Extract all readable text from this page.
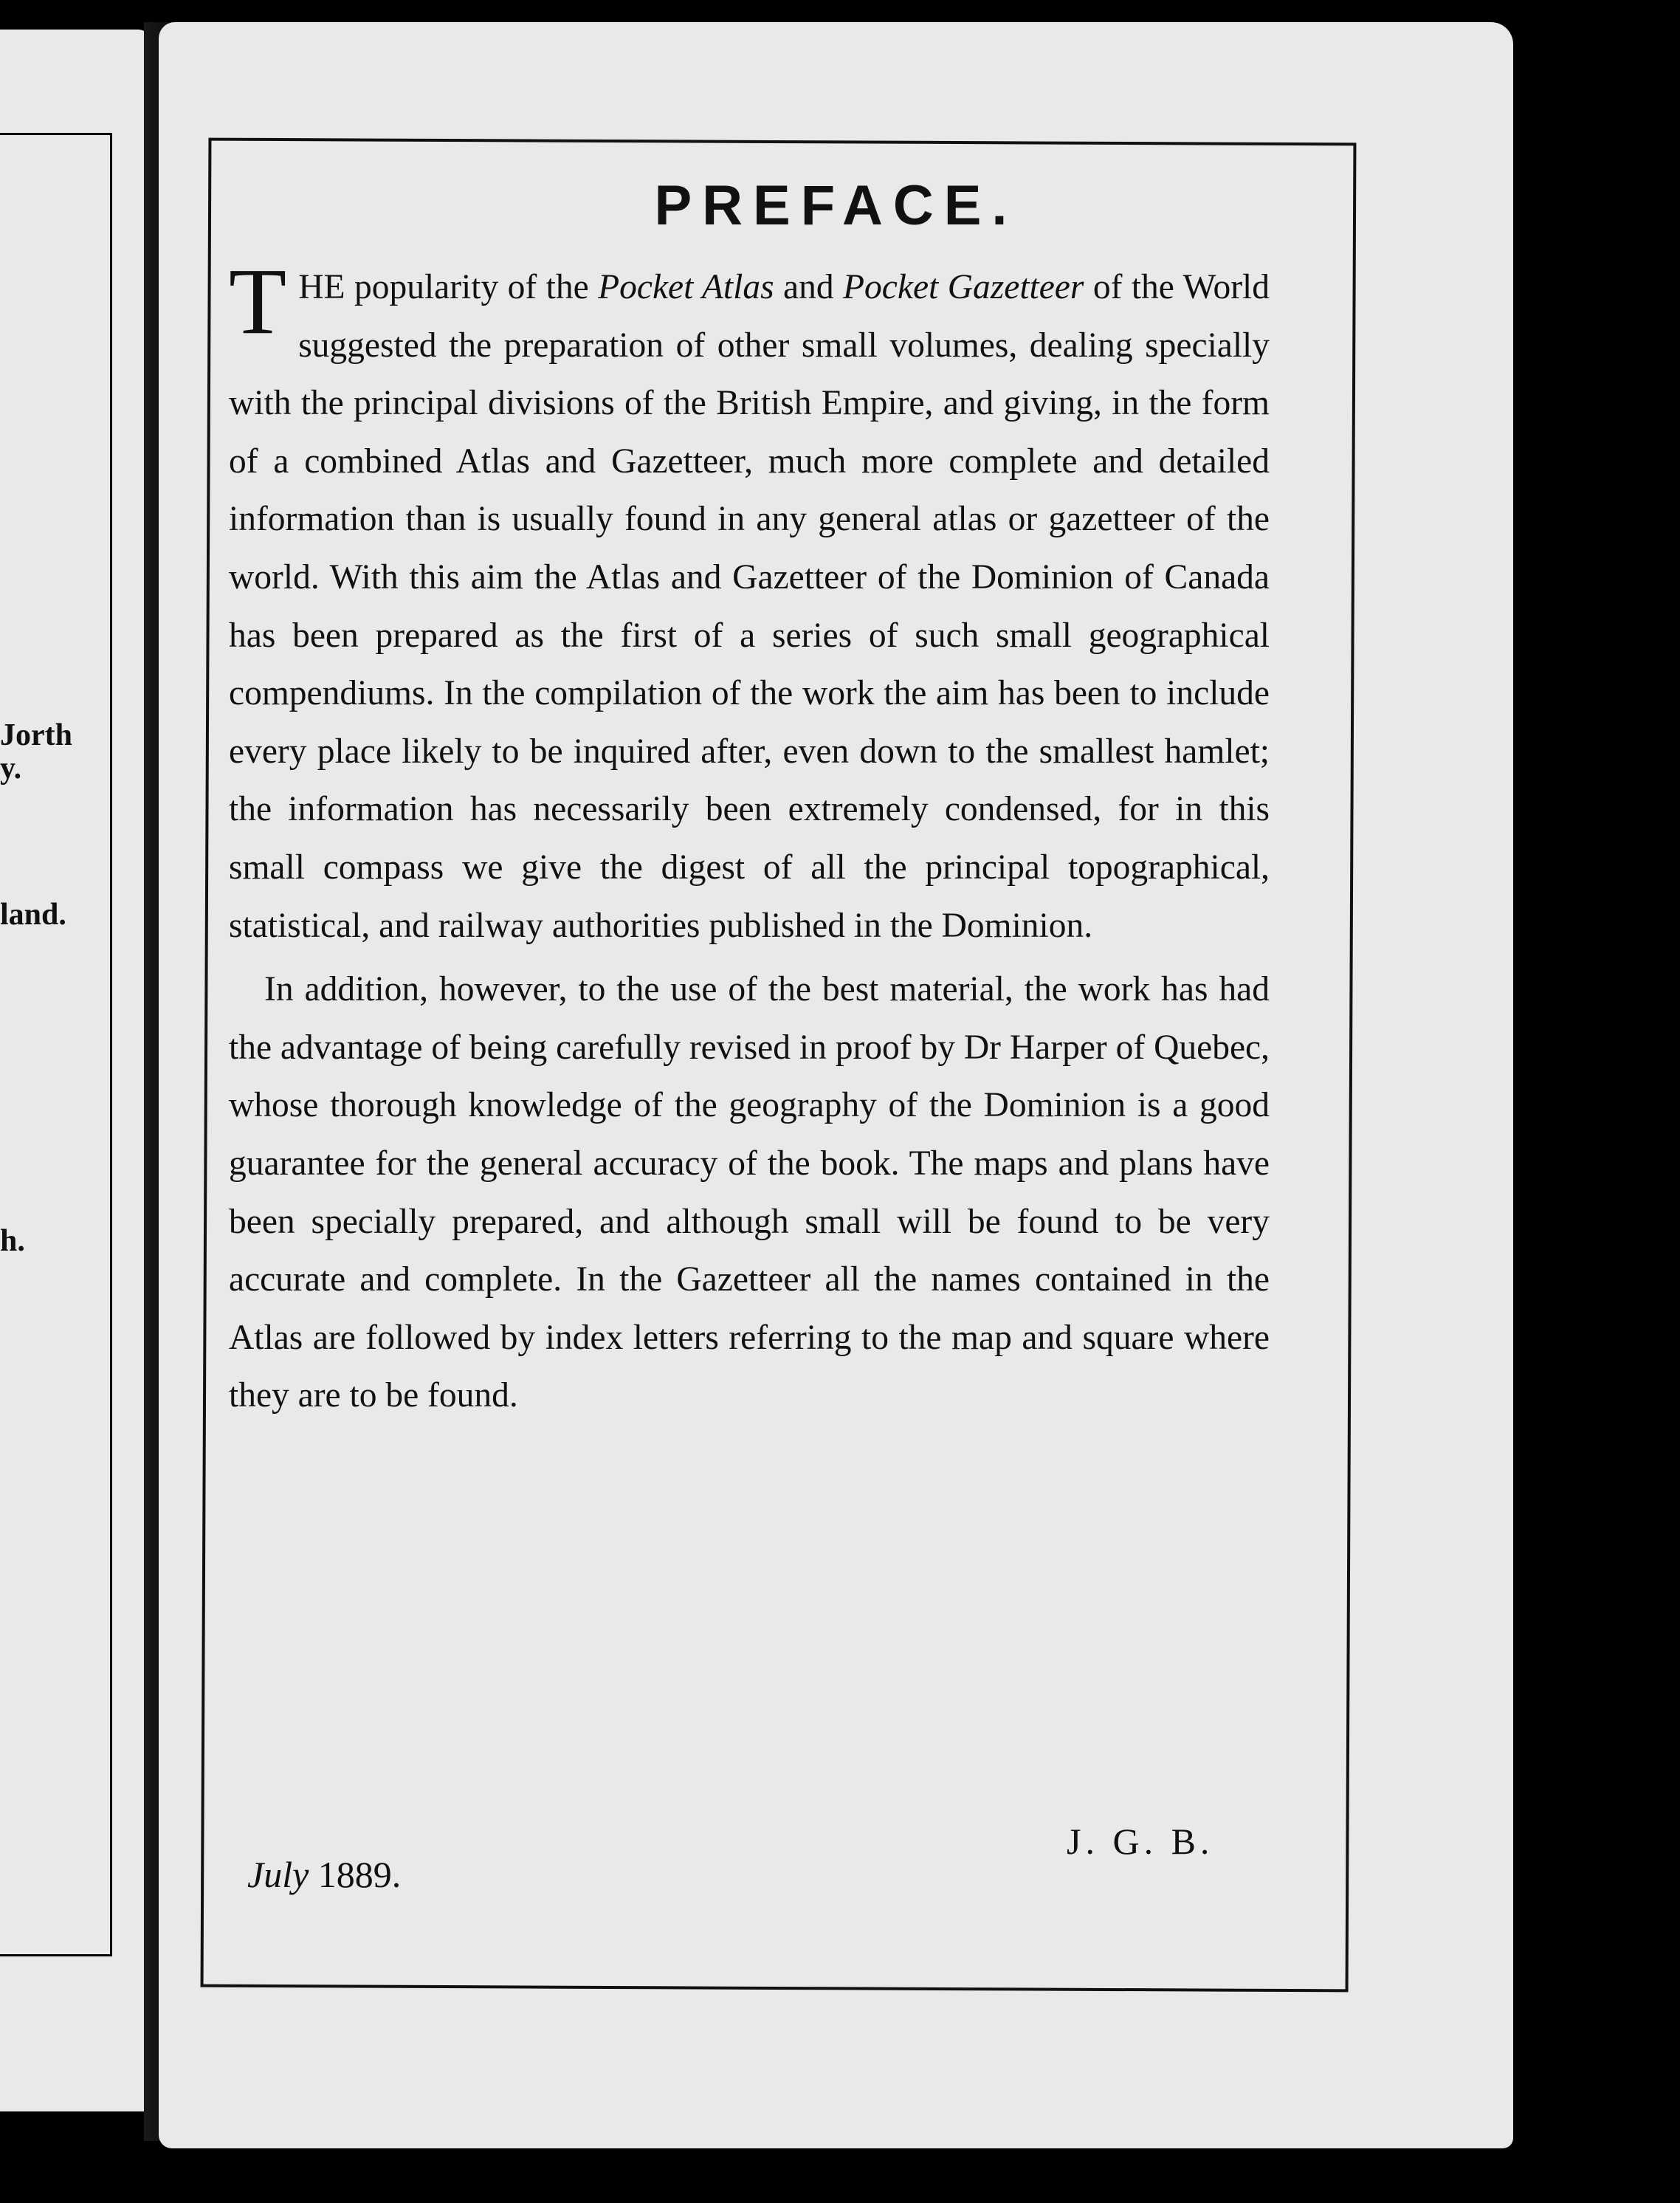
Jorth
y.
land.
h.
PREFACE.

THE popularity of the Pocket Atlas and Pocket Gazetteer of the World suggested the preparation of other small volumes, dealing specially with the principal divisions of the British Empire, and giving, in the form of a combined Atlas and Gazetteer, much more complete and detailed information than is usually found in any general atlas or gazetteer of the world. With this aim the Atlas and Gazetteer of the Dominion of Canada has been prepared as the first of a series of such small geographical compendiums. In the compilation of the work the aim has been to include every place likely to be inquired after, even down to the smallest hamlet; the information has necessarily been extremely condensed, for in this small compass we give the digest of all the principal topographical, statistical, and railway authorities published in the Dominion.

In addition, however, to the use of the best material, the work has had the advantage of being carefully revised in proof by Dr Harper of Quebec, whose thorough knowledge of the geography of the Dominion is a good guarantee for the general accuracy of the book. The maps and plans have been specially prepared, and although small will be found to be very accurate and complete. In the Gazetteer all the names contained in the Atlas are followed by index letters referring to the map and square where they are to be found.

J. G. B.
July 1889.
